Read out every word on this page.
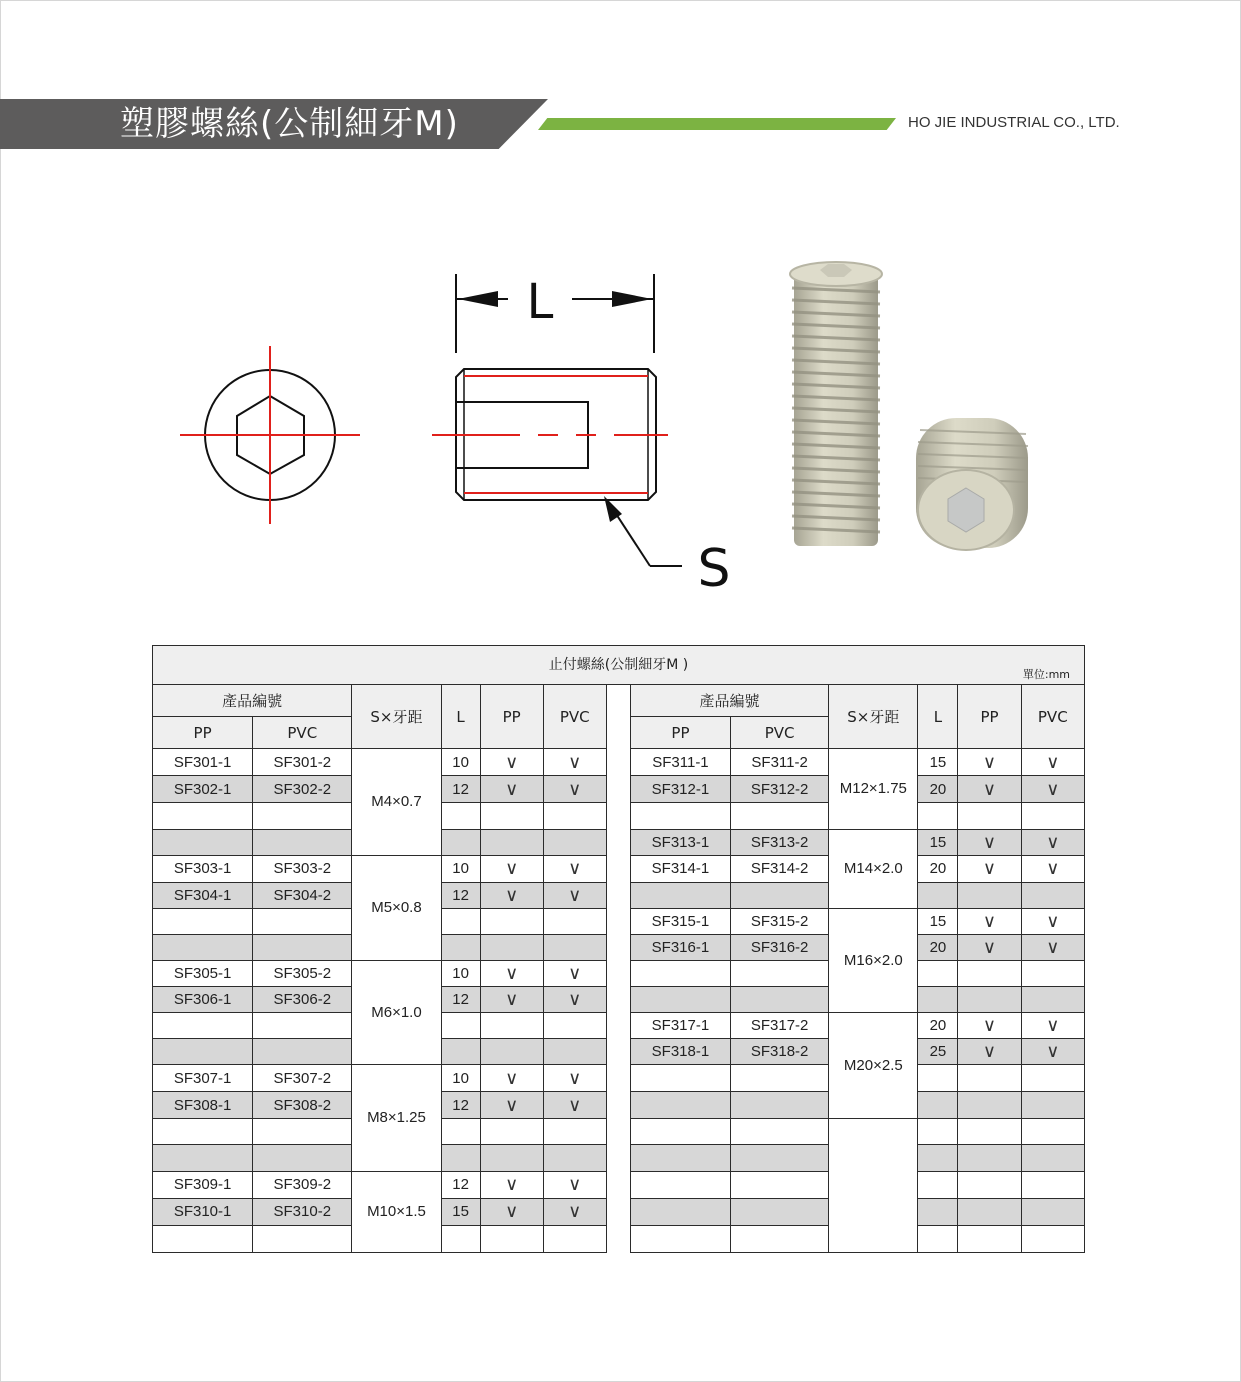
塑膠螺絲(公制細牙M)	HO JIE INDUSTRIAL CO., LTD.
L
S
止付螺絲(公制細牙M )
單位:mm												

產品編號		S×牙距	L	PP	PVC		產品編號		S×牙距	L	PP	PVC
PP	PVC						PP	PVC				
SF301-1	SF301-2	M4×0.7	10	∨	∨		SF311-1	SF311-2	M12×1.75	15	∨	∨
SF302-1	SF302-2		12	∨	∨		SF312-1	SF312-2		20	∨	∨

							SF313-1	SF313-2	M14×2.0	15	∨	∨
SF303-1	SF303-2	M5×0.8	10	∨	∨		SF314-1	SF314-2		20	∨	∨
SF304-1	SF304-2		12	∨	∨							
							SF315-1	SF315-2	M16×2.0	15	∨	∨
							SF316-1	SF316-2		20	∨	∨
SF305-1	SF305-2	M6×1.0	10	∨	∨							
SF306-1	SF306-2		12	∨	∨							
							SF317-1	SF317-2	M20×2.5	20	∨	∨
							SF318-1	SF318-2		25	∨	∨
SF307-1	SF307-2	M8×1.25	10	∨	∨							
SF308-1	SF308-2		12	∨	∨							

SF309-1	SF309-2	M10×1.5	12	∨	∨							
SF310-1	SF310-2		15	∨	∨							
